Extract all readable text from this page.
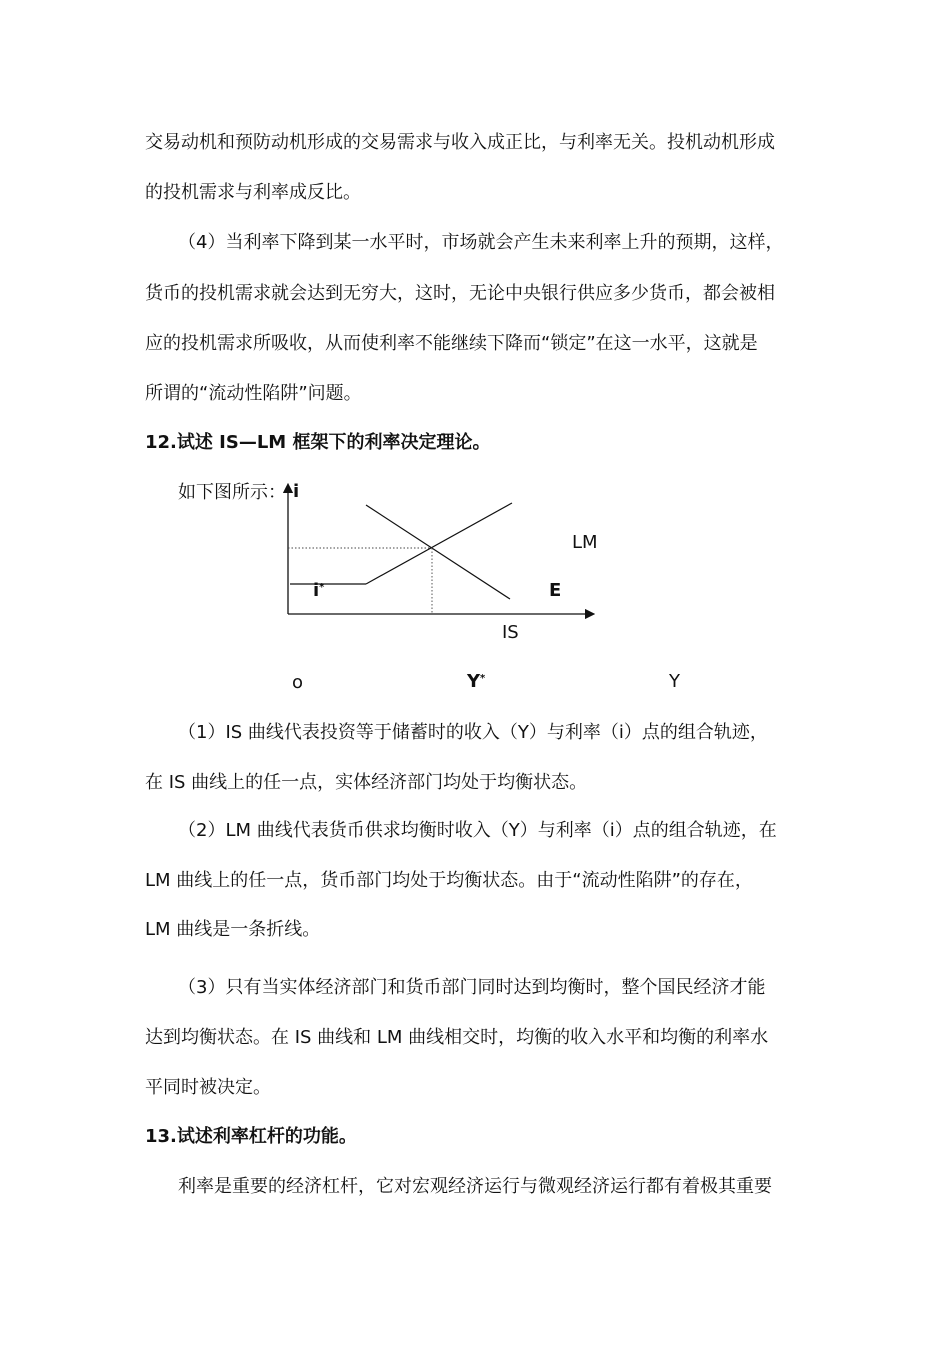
交易动机和预防动机形成的交易需求与收入成正比，与利率无关。投机动机形成
的投机需求与利率成反比。
（4）当利率下降到某一水平时，市场就会产生未来利率上升的预期，这样，
货币的投机需求就会达到无穷大，这时，无论中央银行供应多少货币，都会被相
应的投机需求所吸收，从而使利率不能继续下降而“锁定”在这一水平，这就是
所谓的“流动性陷阱”问题。
12.试述 IS—LM 框架下的利率决定理论。
如下图所示： i
i*
LM
E
IS
o	Y*	Y
（1）IS 曲线代表投资等于储蓄时的收入（Y）与利率（i）点的组合轨迹，
在 IS 曲线上的任一点，实体经济部门均处于均衡状态。
（2）LM 曲线代表货币供求均衡时收入（Y）与利率（i）点的组合轨迹，在
LM 曲线上的任一点，货币部门均处于均衡状态。由于“流动性陷阱”的存在，
LM 曲线是一条折线。
（3）只有当实体经济部门和货币部门同时达到均衡时，整个国民经济才能
达到均衡状态。在 IS 曲线和 LM 曲线相交时，均衡的收入水平和均衡的利率水
平同时被决定。
13.试述利率杠杆的功能。
利率是重要的经济杠杆，它对宏观经济运行与微观经济运行都有着极其重要
